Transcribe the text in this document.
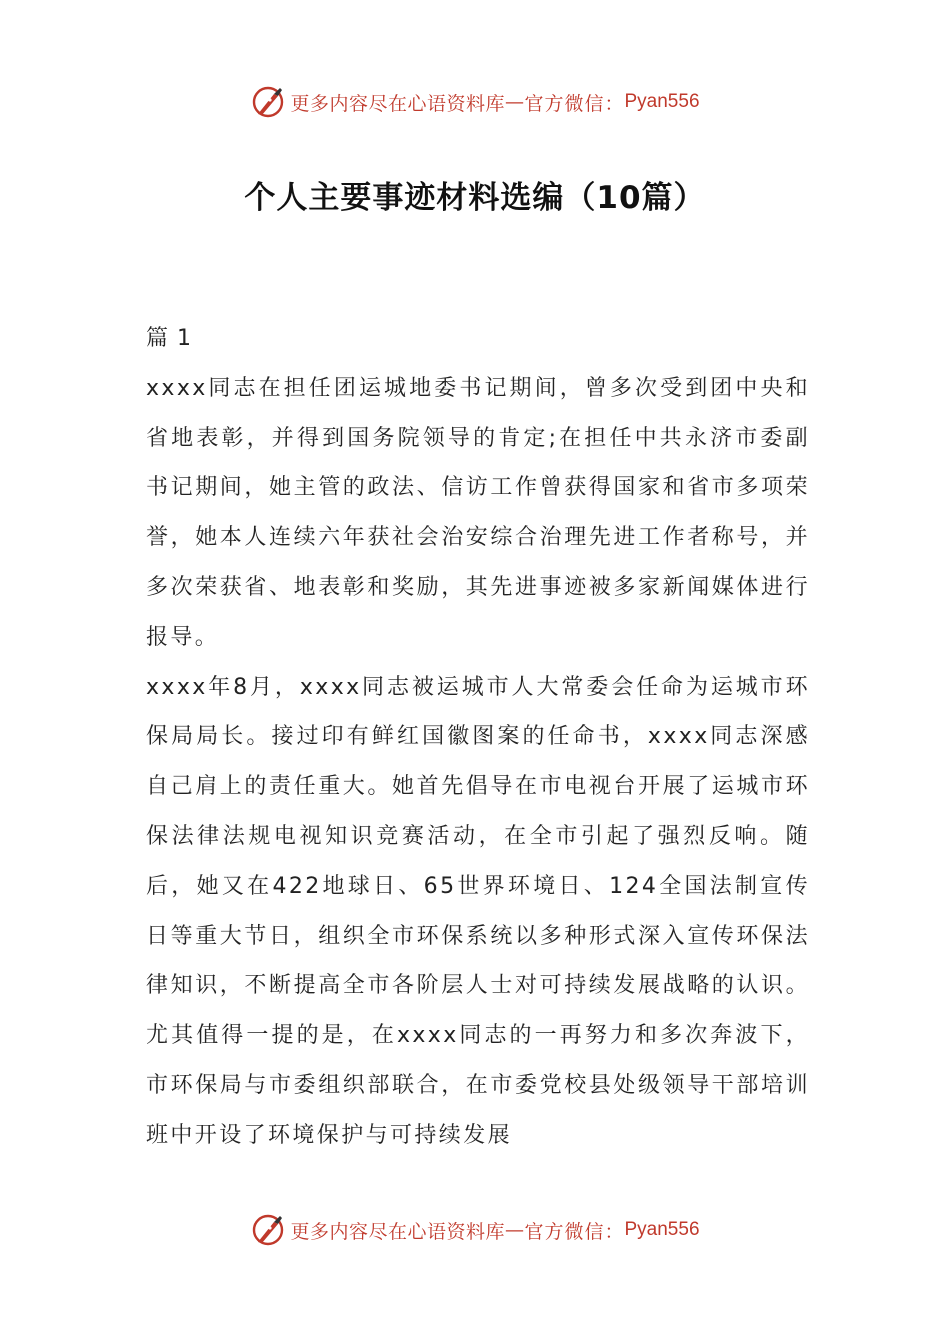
更多内容尽在心语资料库 — 官方微信： Pyan556
个人主要事迹材料选编（10篇）

篇 1

xxxx同志在担任团运城地委书记期间，曾多次受到团中央和省地表彰，并得到国务院领导的肯定;在担任中共永济市委副书记期间，她主管的政法、信访工作曾获得国家和省市多项荣誉，她本人连续六年获社会治安综合治理先进工作者称号，并多次荣获省、地表彰和奖励，其先进事迹被多家新闻媒体进行报导。

xxxx年8月，xxxx同志被运城市人大常委会任命为运城市环保局局长。接过印有鲜红国徽图案的任命书，xxxx同志深感自己肩上的责任重大。她首先倡导在市电视台开展了运城市环保法律法规电视知识竞赛活动，在全市引起了强烈反响。随后，她又在422地球日、65世界环境日、124全国法制宣传日等重大节日，组织全市环保系统以多种形式深入宣传环保法律知识，不断提高全市各阶层人士对可持续发展战略的认识。尤其值得一提的是，在xxxx同志的一再努力和多次奔波下，市环保局与市委组织部联合，在市委党校县处级领导干部培训班中开设了环境保护与可持续发展

更多内容尽在心语资料库 — 官方微信： Pyan556
